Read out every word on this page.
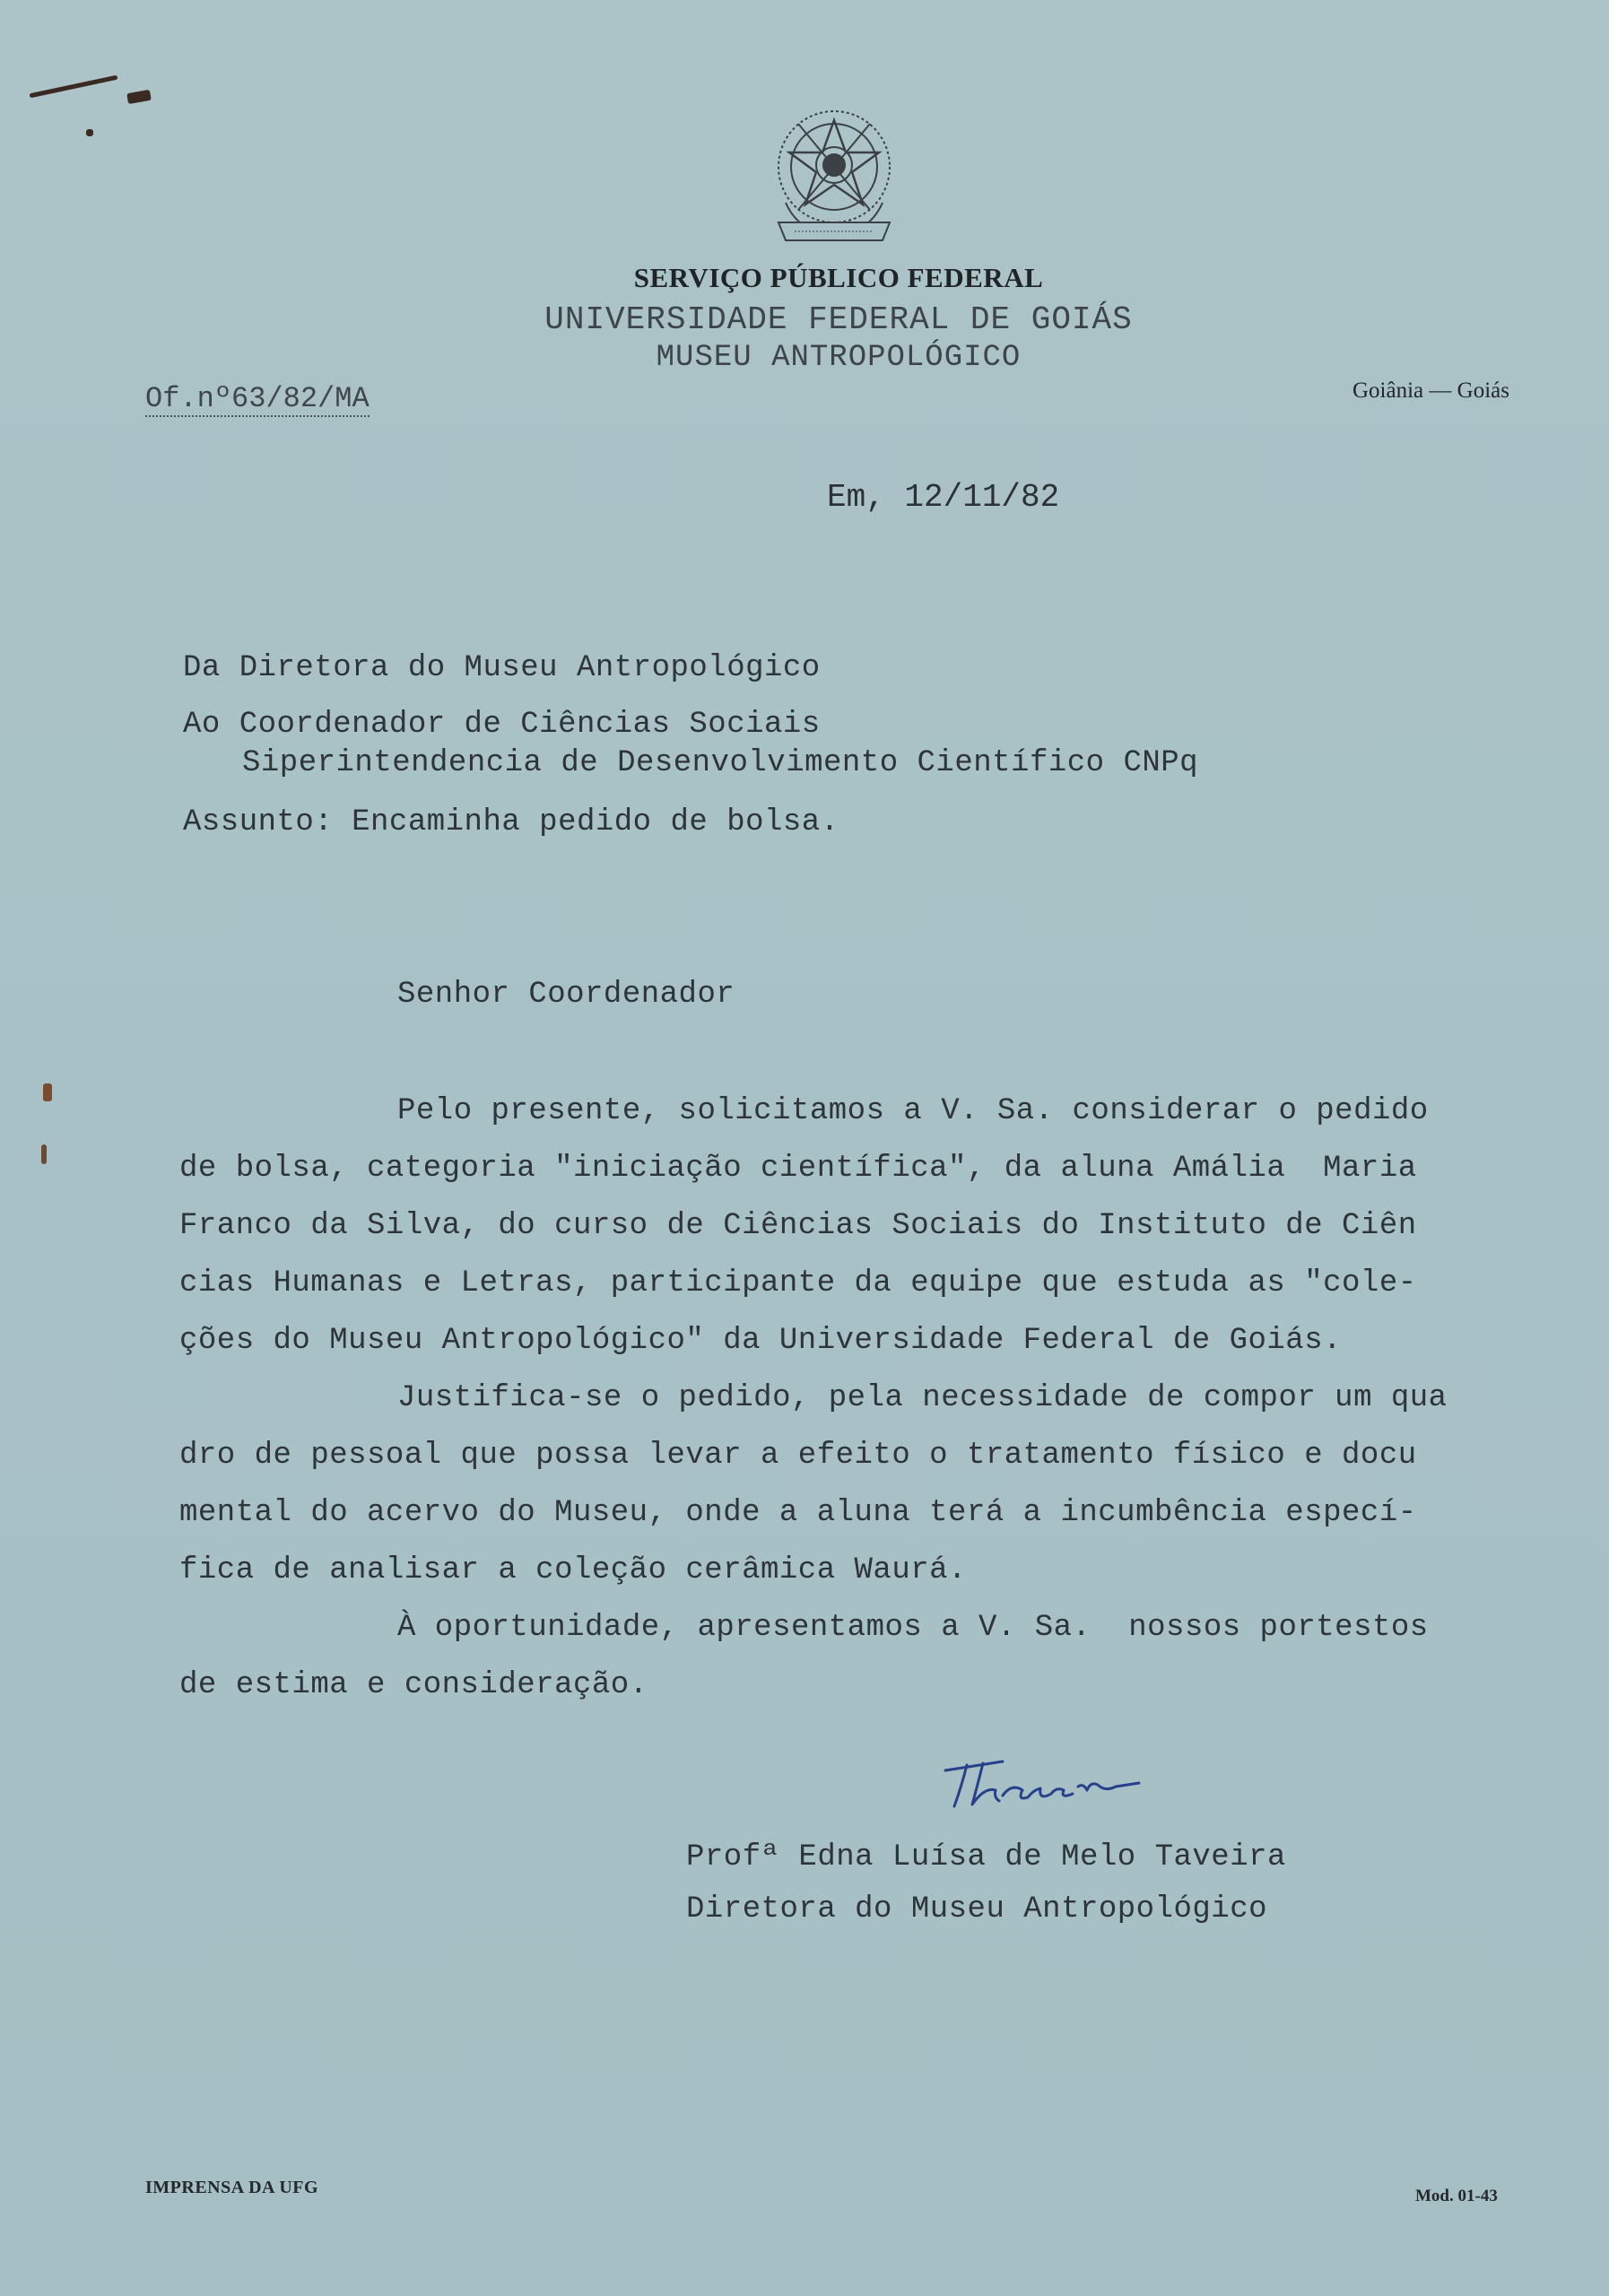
SERVIÇO PÚBLICO FEDERAL
UNIVERSIDADE FEDERAL DE GOIÁS
MUSEU ANTROPOLÓGICO
Goiânia — Goiás
Of.nº63/82/MA
Em, 12/11/82
Da Diretora do Museu Antropológico
Ao Coordenador de Ciências Sociais
Siperintendencia de Desenvolvimento Científico CNPq
Assunto: Encaminha pedido de bolsa.
Senhor Coordenador
Pelo presente, solicitamos a V. Sa. considerar o pedido
de bolsa, categoria "iniciação científica", da aluna Amália  Maria
Franco da Silva, do curso de Ciências Sociais do Instituto de Ciên
cias Humanas e Letras, participante da equipe que estuda as "cole-
ções do Museu Antropológico" da Universidade Federal de Goiás.
Justifica-se o pedido, pela necessidade de compor um qua
dro de pessoal que possa levar a efeito o tratamento físico e docu
mental do acervo do Museu, onde a aluna terá a incumbência especí-
fica de analisar a coleção cerâmica Waurá.
À oportunidade, apresentamos a V. Sa.  nossos portestos
de estima e consideração.
Profª Edna Luísa de Melo Taveira
Diretora do Museu Antropológico
IMPRENSA DA UFG	Mod. 01-43
